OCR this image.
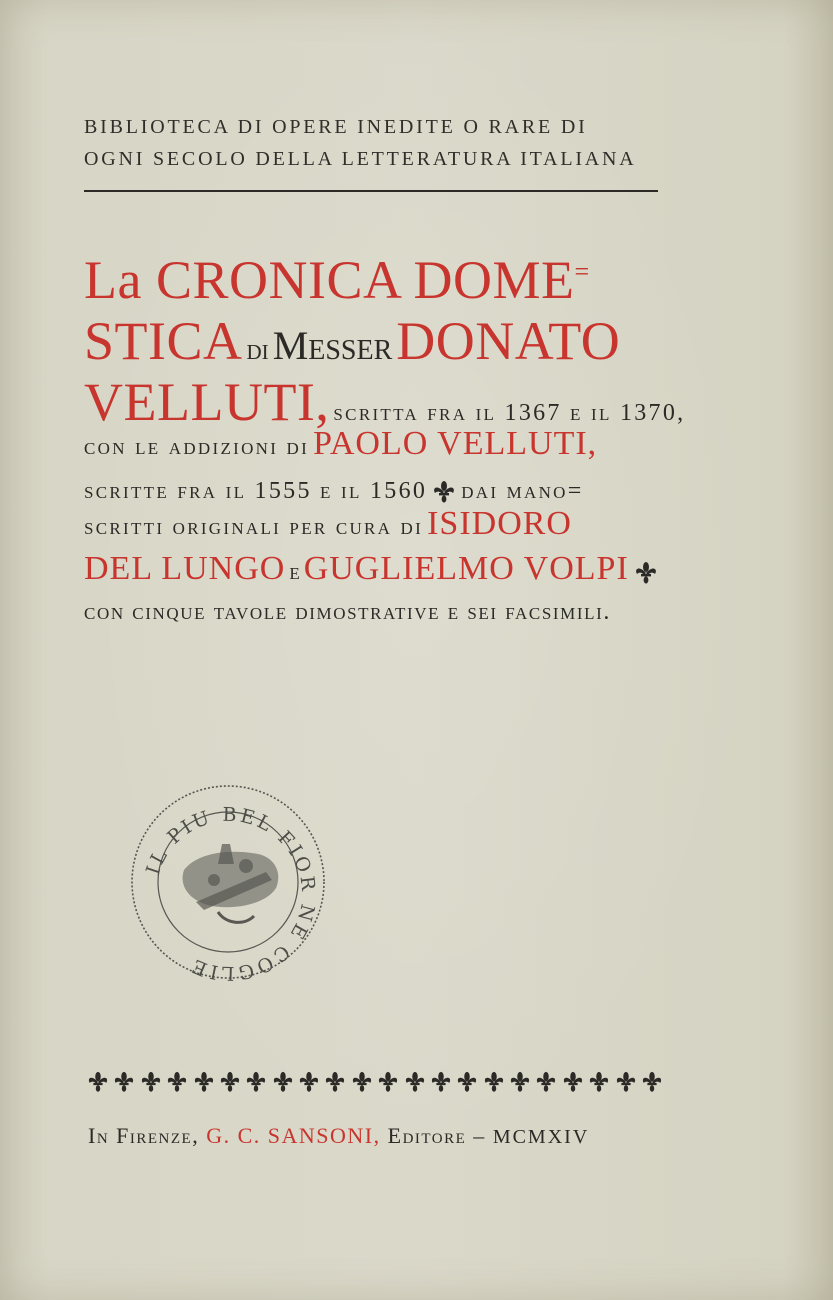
BIBLIOTECA DI OPERE INEDITE O RARE DI
OGNI SECOLO DELLA LETTERATURA ITALIANA
La CRONICA DOME=
STICA di Messer DONATO
VELLUTI, scritta fra il 1367 e il 1370,
con le addizioni di PAOLO VELLUTI,
scritte fra il 1555 e il 1560 dai mano=
scritti originali per cura di ISIDORO
DEL LUNGO e GUGLIELMO VOLPI
con cinque tavole dimostrative e sei facsimili.
IL PIU BEL FIOR NE COGLIE
In Firenze, G. C. SANSONI, Editore – MCMXIV
